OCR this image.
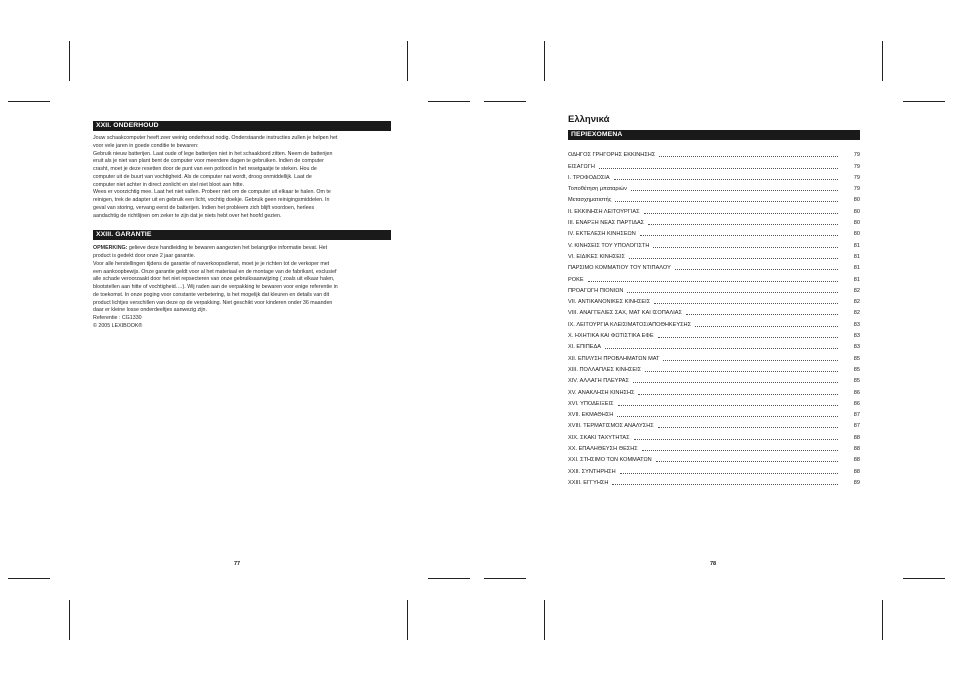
XXII. ONDERHOUD

Jouw schaakcomputer heeft zeer weinig onderhoud nodig. Onderstaande instructies zullen je helpen het
voor vele jaren in goede conditie te bewaren:
Gebruik nieuw batterijen. Laat oude of lege batterijen niet in het schaakbord zitten. Neem de batterijen
eruit als je niet van plant bent de computer voor meerdere dagen te gebruiken. Indien de computer
crasht, moet je deze resetten door de punt van een potlood in het resetgaatje te steken. Hou de
computer uit de buurt van vochtigheid. Als de computer nat wordt, droog onmiddellijk. Laat de
computer niet achter in direct zonlicht en stel niet bloot aan hitte.
Wees er voorzichtig mee. Laat het niet vallen. Probeer niet om de computer uit elkaar te halen. Om te
reinigen, trek de adapter uit en gebruik een licht, vochtig doekje. Gebruik geen reinigingsmiddelen. In
geval van storing, vervang eerst de batterijen. Indien het probleem zich blijft voordoen, herlees
aandachtig de richtlijnen om zeker te zijn dat je niets hebt over het hoofd gezien.

XXIII. GARANTIE

OPMERKING: gelieve deze handleiding te bewaren aangezien het belangrijke informatie bevat. Het
product is gedekt door onze 2 jaar garantie.

Voor alle herstellingen tijdens de garantie of naverkoopsdienst, moet je je richten tot de verkoper met
een aankoopbewijs. Onze garantie geldt voor al het materiaal en de montage van de fabrikant, exclusief
alle schade veroorzaakt door het niet repsecteren van onze gebruiksaanwijzing ( zoals uit elkaar halen,
blootstellen aan hitte of vochtigheid….). Wij raden aan de verpakking te bewaren voor enige referentie in
de toekomst. In onze poging voor constante verbetering, is het mogelijk dat kleuren en details van dit
product lichtjes verschillen van deze op de verpakking. Niet geschikt voor kinderen onder 36 maanden
daar er kleine losse onderdeeltjes aanwezig zijn.
Referentie : CG1330
© 2005 LEXIBOOK®

77
Ελληνικά
ΠΕΡΙΕΧΟΜΕΝΑ
ΟΔΗΓΟΣ ΓΡΗΓΟΡΗΣ ΕΚΚΙΝΗΣΗΣ	79
ΕΙΣΑΓΩΓΗ	79
I. ΤΡΟΦΟΔΟΣΙΑ	79
Τοποθέτηση μπαταριών	79
Μετασχηματιστής	80
II. ΕΚΚΙΝΗΣΗ ΛΕΙΤΟΥΡΓΙΑΣ	80
III. ΕΝΑΡΞΗ ΝΕΑΣ ΠΑΡΤΙΔΑΣ	80
IV. ΕΚΤΕΛΕΣΗ ΚΙΝΗΣΕΩΝ	80
V. ΚΙΝΗΣΕΙΣ ΤΟΥ ΥΠΟΛΟΓΙΣΤΗ	81
VI. ΕΙΔΙΚΕΣ ΚΙΝΗΣΕΙΣ	81
ΠΑΡΣΙΜΟ ΚΟΜΜΑΤΙΟΥ ΤΟΥ ΝΤΙΠΑΛΟΥ	81
ΡΟΚΕ	81
ΠΡΟΑΓΩΓΗ ΠΙΟΝΙΩΝ	82
VII. ΑΝΤΙΚΑΝΟΝΙΚΕΣ ΚΙΝΗΣΕΙΣ	82
VIII. ΑΝΑΓΓΕΛΙΕΣ ΣΑΧ, ΜΑΤ ΚΑΙ ΙΣΟΠΑΛΙΑΣ	82
IX. ΛΕΙΤΟΥΡΓΙΑ ΚΛΕΙΣΙΜΑΤΟΣ/ΑΠΟΘΗΚΕΥΣΗΣ	83
X. ΗΧΗΤΙΚΑ ΚΑΙ ΦΩΤΙΣΤΙΚΑ ΕΦΕ	83
XI. ΕΠΙΠΕΔΑ	83
XII. ΕΠΙΛΥΣΗ ΠΡΟΒΛΗΜΑΤΩΝ ΜΑΤ	85
XIII. ΠΟΛΛΑΠΛΕΣ ΚΙΝΗΣΕΙΣ	85
XIV. ΑΛΛΑΓΗ ΠΛΕΥΡΑΣ	85
XV. ΑΝΑΚΛΗΣΗ ΚΙΝΗΣΗΣ	86
XVI. ΥΠΟΔΕΙΞΕΙΣ	86
XVII. ΕΚΜΑΘΗΣΗ	87
XVIII. ΤΕΡΜΑΤΙΣΜΟΣ ΑΝΑΛΥΣΗΣ	87
XIX. ΣΚΑΚΙ ΤΑΧΥΤΗΤΑΣ	88
XX. ΕΠΑΛΗΘΕΥΣΗ ΘΕΣΗΣ	88
XXI. ΣΤΗΣΙΜΟ ΤΩΝ ΚΟΜΜΑΤΩΝ	88
XXII. ΣΥΝΤΗΡΗΣΗ	88
XXIII. ΕΓΓΥΗΣΗ	89
78
